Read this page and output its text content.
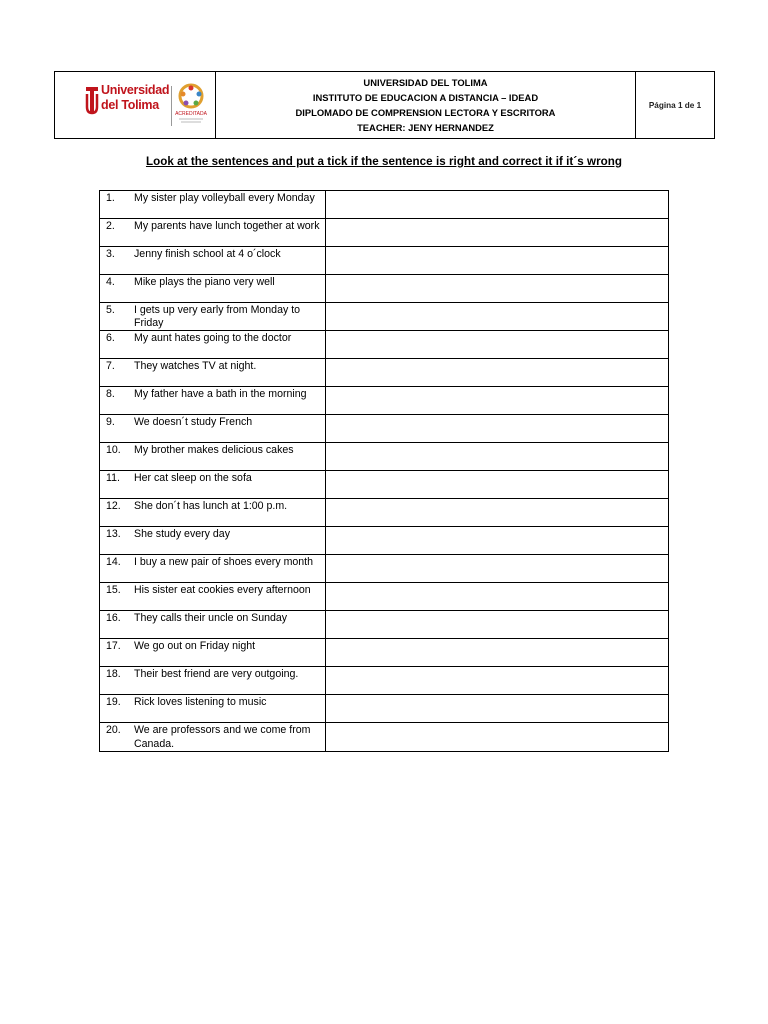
Universidad
del Tolima
ACREDITADA
UNIVERSIDAD DEL TOLIMA
INSTITUTO DE EDUCACION A DISTANCIA – IDEAD
DIPLOMADO DE COMPRENSION LECTORA Y ESCRITORA
TEACHER: JENY HERNANDEZ
Página 1 de 1
Look at the sentences and put a tick if the sentence is right and correct it if it´s wrong
1. My sister play volleyball every Monday	

2. My parents have lunch together at work	

3. Jenny finish school at 4 o´clock	

4. Mike plays the piano very well	

5. I gets up very early from Monday to Friday	

6. My aunt hates going to the doctor	

7. They watches TV at night.	

8. My father have a bath in the morning	

9. We doesn´t study French	

10. My brother makes delicious cakes	

11. Her cat sleep on the sofa	

12. She don´t has lunch at 1:00 p.m.	

13. She study every day	

14. I buy a new pair of shoes every month	

15. His sister eat cookies every afternoon	

16. They calls their uncle on Sunday	

17. We go out on Friday night	

18. Their best friend are very outgoing.	

19. Rick loves listening to music	

20. We are professors and we come from Canada.	
